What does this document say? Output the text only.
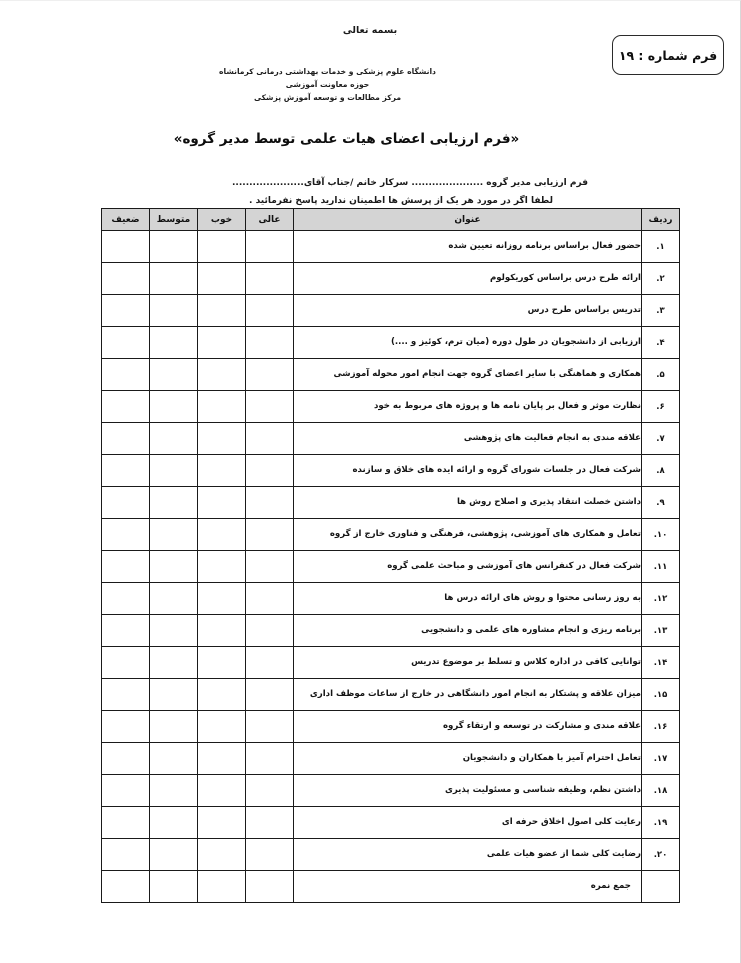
بسمه تعالی
فرم شماره : ۱۹
دانشگاه علوم پزشکی و خدمات بهداشتی درمانی کرمانشاه
حوزه معاونت آموزشی
مرکز مطالعات و توسعه آموزش پزشکی
«فرم ارزیابی اعضای هیات علمی توسط مدیر گروه»
فرم ارزیابی مدیر گروه ..................... سرکار خانم /جناب آقای.....................
لطفا اگر در مورد هر یک از پرسش ها اطمینان ندارید پاسخ نفرمائید .
ردیف	عنوان	عالی	خوب	متوسط	ضعیف
۱.	حضور فعال براساس برنامه روزانه تعیین شده				
۲.	ارائه طرح درس براساس کوریکولوم				
۳.	تدریس براساس طرح درس				
۴.	ارزیابی از دانشجویان در طول دوره (میان ترم، کوئیز و ....)				
۵.	همکاری و هماهنگی با سایر اعضای گروه جهت انجام امور محوله آموزشی				
۶.	نظارت موثر و فعال بر پایان نامه ها و پروژه های مربوط به خود				
۷.	علاقه مندی به انجام فعالیت های پژوهشی				
۸.	شرکت فعال در جلسات شورای گروه و ارائه ایده های خلاق و سازنده				
۹.	داشتن خصلت انتقاد پذیری و اصلاح روش ها				
۱۰.	تعامل و همکاری های آموزشی، پژوهشی، فرهنگی و فناوری خارج از گروه				
۱۱.	شرکت فعال در کنفرانس های آموزشی و مباحث علمی گروه				
۱۲.	به روز رسانی محتوا و روش های ارائه درس ها				
۱۳.	برنامه ریزی و انجام مشاوره های علمی و دانشجویی				
۱۴.	توانایی کافی در اداره کلاس و تسلط بر موضوع تدریس				
۱۵.	میزان علاقه و پشتکار به انجام امور دانشگاهی در خارج از ساعات موظف اداری				
۱۶.	علاقه مندی و مشارکت در توسعه و ارتقاء گروه				
۱۷.	تعامل احترام آمیز با همکاران و دانشجویان				
۱۸.	داشتن نظم، وظیفه شناسی و مسئولیت پذیری				
۱۹.	رعایت کلی اصول اخلاق حرفه ای				
۲۰.	رضایت کلی شما از عضو هیات علمی				
	جمع نمره				
